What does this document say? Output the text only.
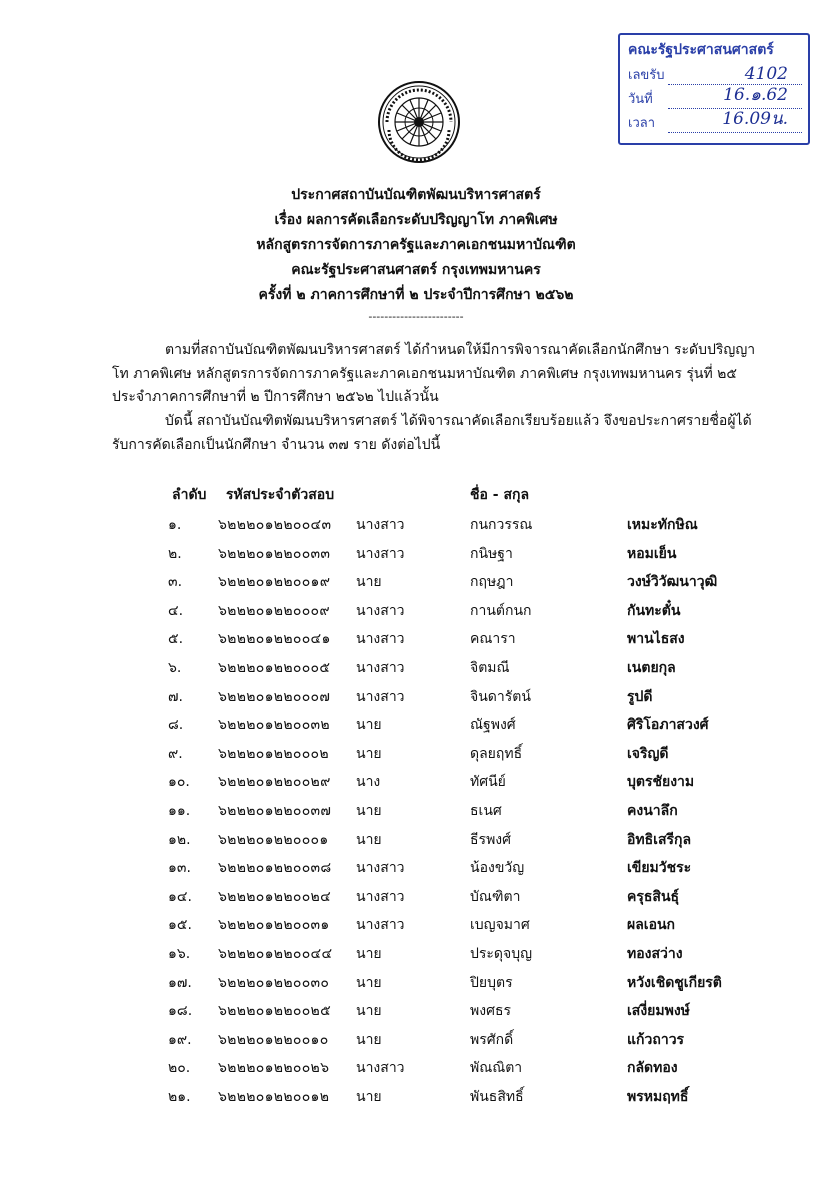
คณะรัฐประศาสนศาสตร์
เลขรับ	4102
วันที่	16.๑.62
เวลา	16.09น.
ประกาศสถาบันบัณฑิตพัฒนบริหารศาสตร์
เรื่อง ผลการคัดเลือกระดับปริญญาโท ภาคพิเศษ
หลักสูตรการจัดการภาครัฐและภาคเอกชนมหาบัณฑิต
คณะรัฐประศาสนศาสตร์ กรุงเทพมหานคร
ครั้งที่ ๒ ภาคการศึกษาที่ ๒ ประจำปีการศึกษา ๒๕๖๒
------------------------
ตามที่สถาบันบัณฑิตพัฒนบริหารศาสตร์ ได้กำหนดให้มีการพิจารณาคัดเลือกนักศึกษา ระดับปริญญาโท ภาคพิเศษ หลักสูตรการจัดการภาครัฐและภาคเอกชนมหาบัณฑิต ภาคพิเศษ กรุงเทพมหานคร รุ่นที่ ๒๕ ประจำภาคการศึกษาที่ ๒ ปีการศึกษา ๒๕๖๒ ไปแล้วนั้น
บัดนี้ สถาบันบัณฑิตพัฒนบริหารศาสตร์ ได้พิจารณาคัดเลือกเรียบร้อยแล้ว จึงขอประกาศรายชื่อผู้ได้รับการคัดเลือกเป็นนักศึกษา จำนวน ๓๗ ราย ดังต่อไปนี้
ลำดับ รหัสประจำตัวสอบ	ชื่อ - สกุล
๑.	๖๒๒๒๐๑๒๒๐๐๔๓ นางสาว	กนกวรรณ	เหมะทักษิณ
๒.	๖๒๒๒๐๑๒๒๐๐๓๓ นางสาว	กนิษฐา	หอมเย็น
๓.	๖๒๒๒๐๑๒๒๐๐๑๙ นาย	กฤษฎา	วงษ์วิวัฒนาวุฒิ
๔. ๖๒๒๒๐๑๒๒๐๐๐๙ นางสาว	กานต์กนก	กันทะตั๋น
๕. ๖๒๒๒๐๑๒๒๐๐๔๑ นางสาว	คณารา	พานไธสง
๖.	๖๒๒๒๐๑๒๒๐๐๐๕ นางสาว	จิตมณี	เนตยกุล
๗.	๖๒๒๒๐๑๒๒๐๐๐๗ นางสาว	จินดารัตน์	รูปดี
๘. ๖๒๒๒๐๑๒๒๐๐๓๒ นาย	ณัฐพงศ์	ศิริโอภาสวงศ์
๙.	๖๒๒๒๐๑๒๒๐๐๐๒ นาย	ดุลยฤทธิ์	เจริญดี
๑๐. ๖๒๒๒๐๑๒๒๐๐๒๙ นาง	ทัศนีย์	บุตรชัยงาม
๑๑. ๖๒๒๒๐๑๒๒๐๐๓๗ นาย	ธเนศ	คงนาลึก
๑๒. ๖๒๒๒๐๑๒๒๐๐๐๑ นาย	ธีรพงศ์	อิทธิเสรีกุล
๑๓. ๖๒๒๒๐๑๒๒๐๐๓๘ นางสาว	น้องขวัญ	เขียมวัชระ
๑๔. ๖๒๒๒๐๑๒๒๐๐๒๔ นางสาว	บัณฑิตา	ครุธสินธุ์
๑๕. ๖๒๒๒๐๑๒๒๐๐๓๑ นางสาว	เบญจมาศ	ผลเอนก
๑๖. ๖๒๒๒๐๑๒๒๐๐๔๔ นาย	ประดุจบุญ	ทองสว่าง
๑๗. ๖๒๒๒๐๑๒๒๐๐๓๐ นาย	ปิยบุตร	หวังเชิดชูเกียรติ
๑๘. ๖๒๒๒๐๑๒๒๐๐๒๕ นาย	พงศธร	เสงี่ยมพงษ์
๑๙. ๖๒๒๒๐๑๒๒๐๐๑๐ นาย	พรศักดิ์	แก้วถาวร
๒๐. ๖๒๒๒๐๑๒๒๐๐๒๖ นางสาว	พัณณิตา	กลัดทอง
๒๑. ๖๒๒๒๐๑๒๒๐๐๑๒ นาย	พันธสิทธิ์	พรหมฤทธิ์
